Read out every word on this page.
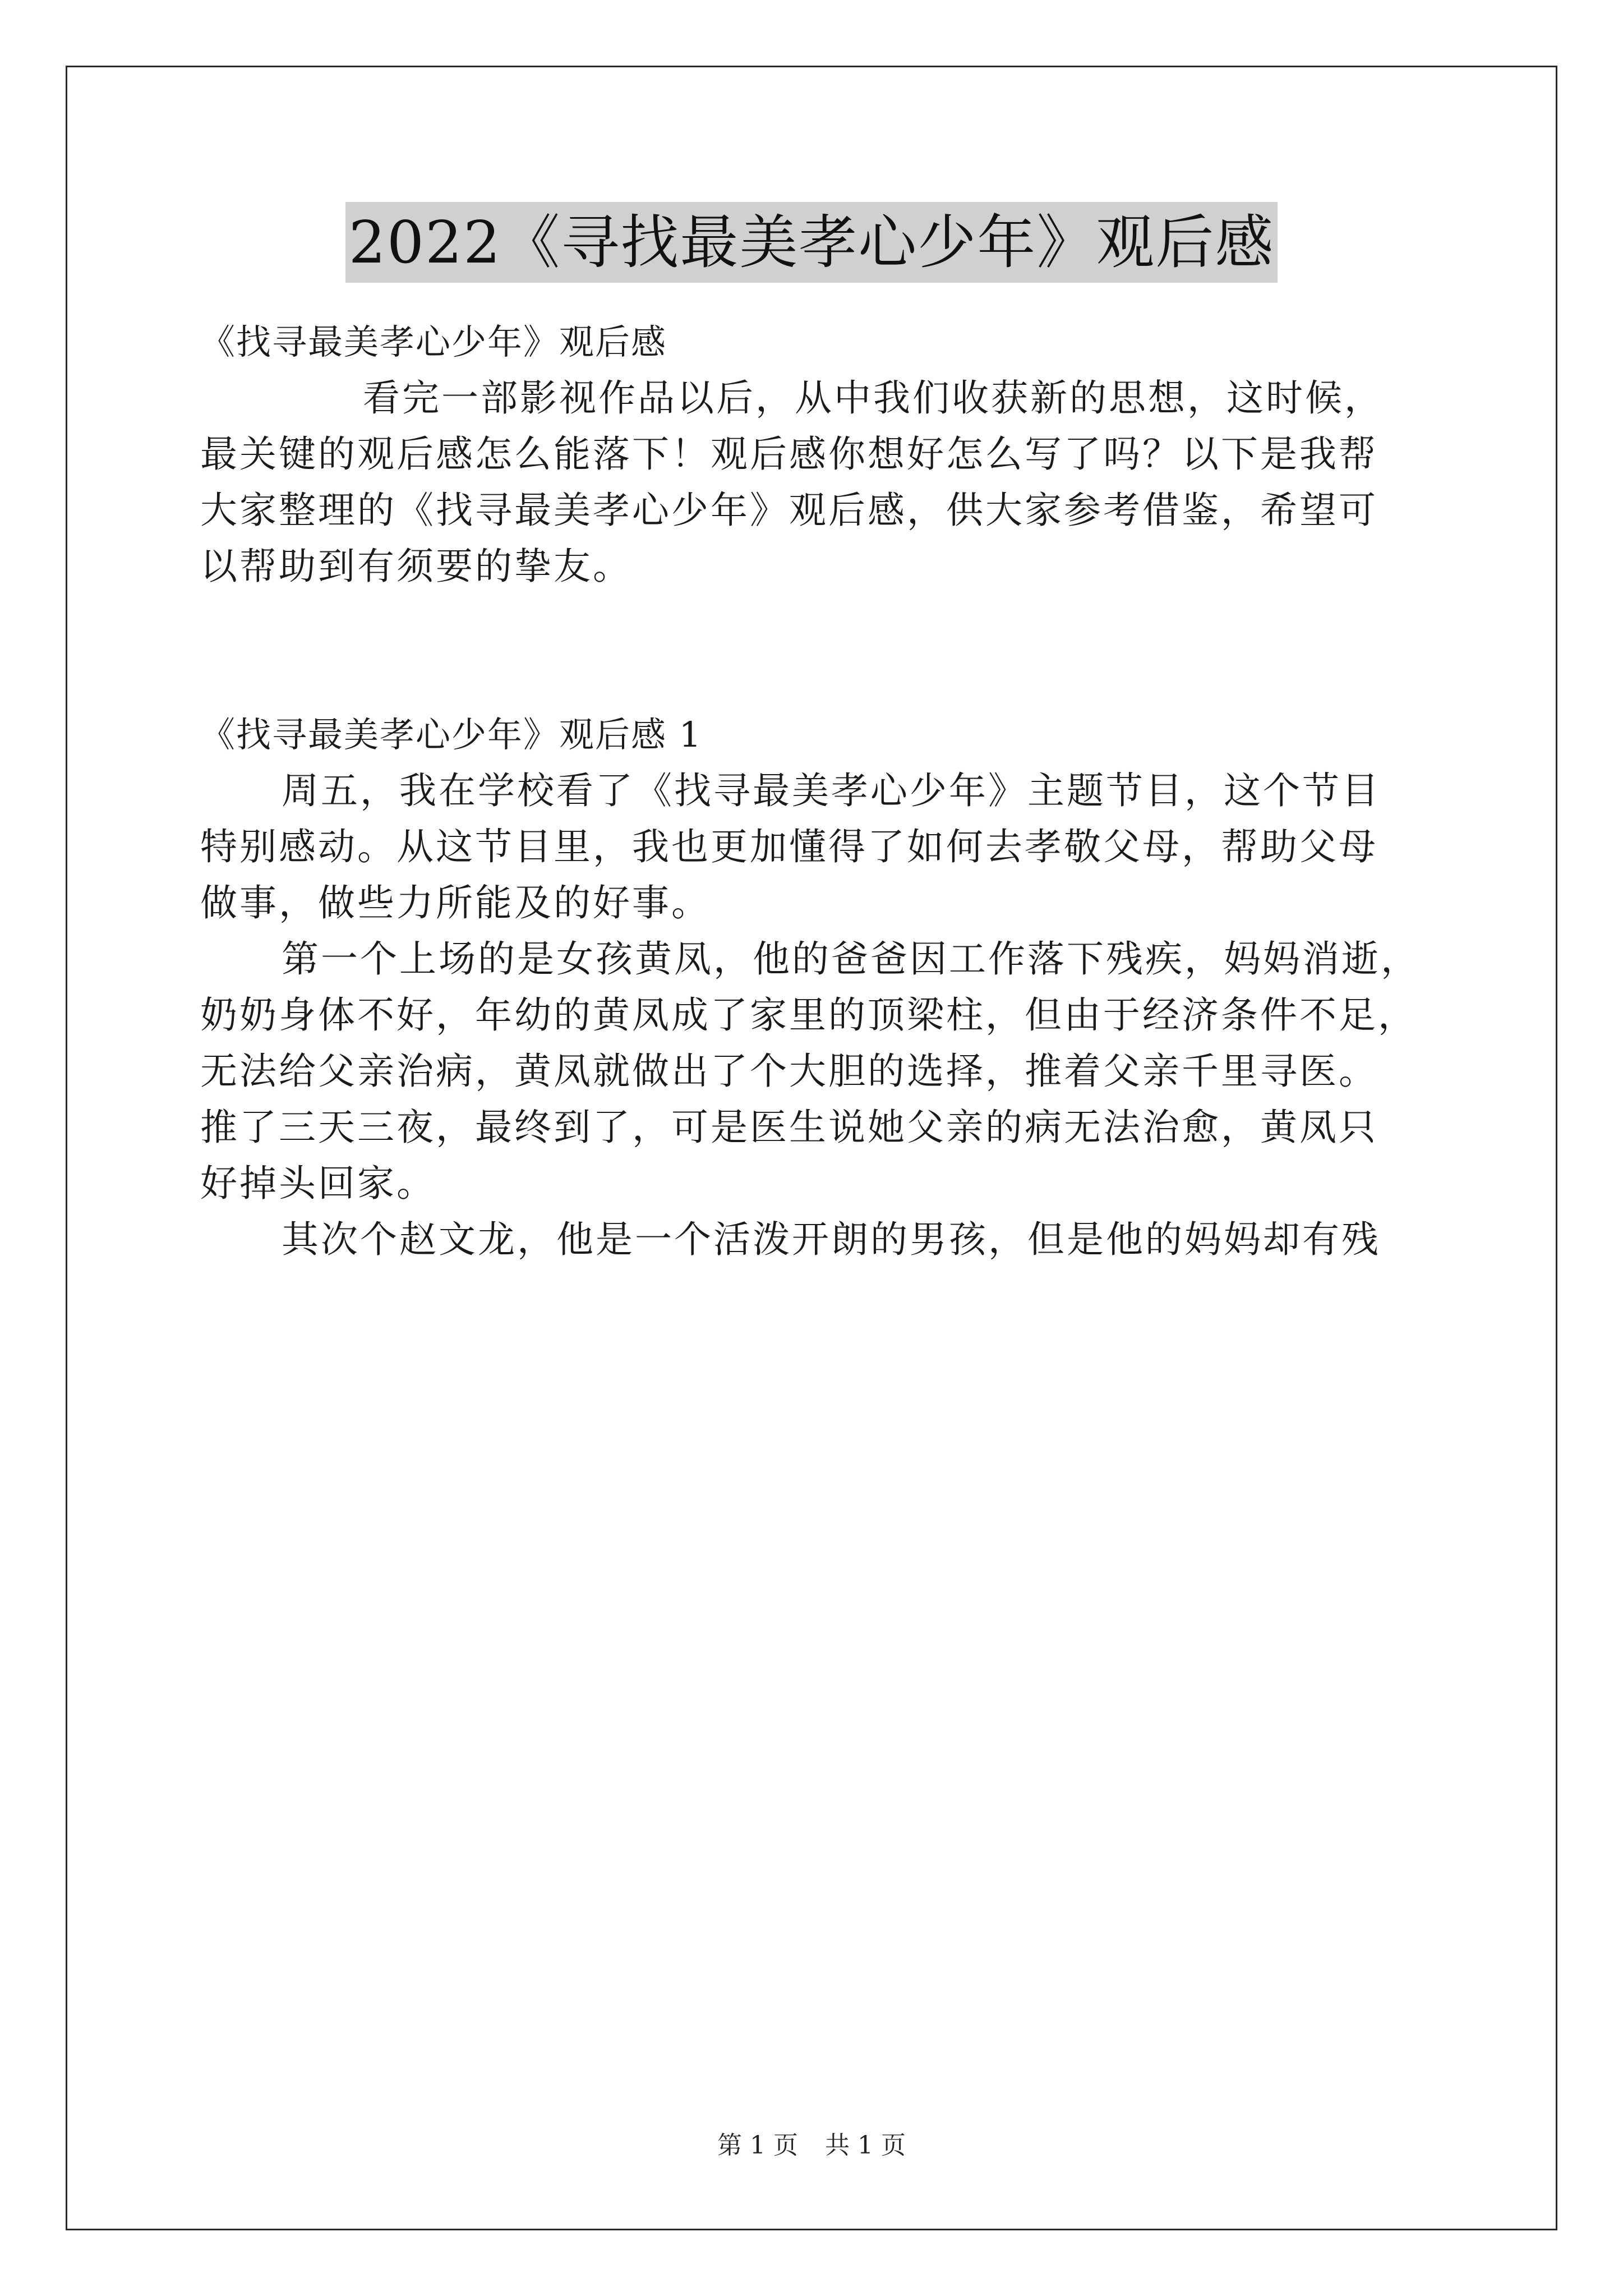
2022《寻找最美孝心少年》观后感
《找寻最美孝心少年》观后感
看完一部影视作品以后，从中我们收获新的思想，这时候，
最关键的观后感怎么能落下！观后感你想好怎么写了吗？以下是我帮
大家整理的《找寻最美孝心少年》观后感，供大家参考借鉴，希望可
以帮助到有须要的挚友。
《找寻最美孝心少年》观后感 1
周五，我在学校看了《找寻最美孝心少年》主题节目，这个节目
特别感动。从这节目里，我也更加懂得了如何去孝敬父母，帮助父母
做事，做些力所能及的好事。
第一个上场的是女孩黄凤，他的爸爸因工作落下残疾，妈妈消逝，
奶奶身体不好，年幼的黄凤成了家里的顶梁柱，但由于经济条件不足，
无法给父亲治病，黄凤就做出了个大胆的选择，推着父亲千里寻医。
推了三天三夜，最终到了，可是医生说她父亲的病无法治愈，黄凤只
好掉头回家。
其次个赵文龙，他是一个活泼开朗的男孩，但是他的妈妈却有残
第 1 页 共 1 页
